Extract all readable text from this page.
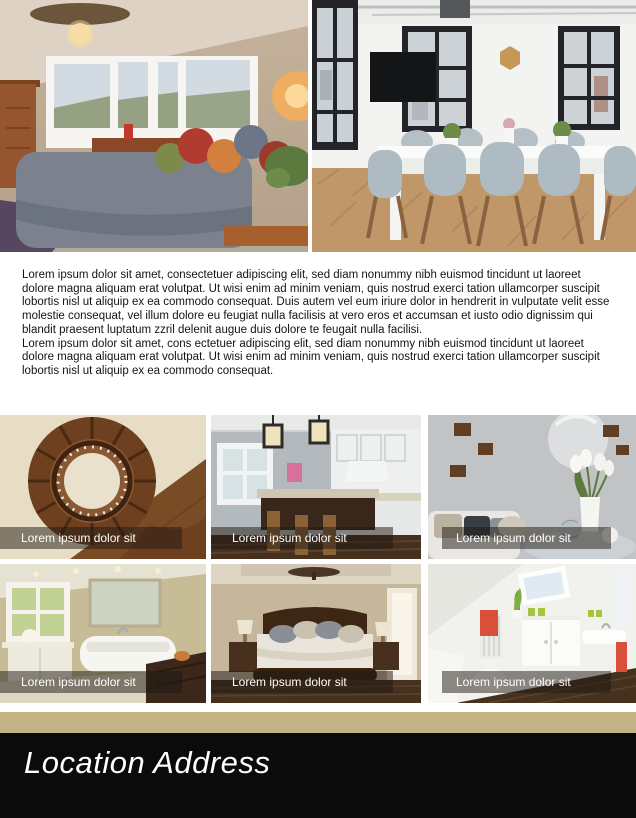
Lorem ipsum dolor sit amet, consectetuer adipiscing elit, sed diam nonummy nibh euismod tincidunt ut laoreet dolore magna aliquam erat volutpat. Ut wisi enim ad minim veniam, quis nostrud exerci tation ullamcorper suscipit lobortis nisl ut aliquip ex ea commodo consequat. Duis autem vel eum iriure dolor in hendrerit in vulputate velit esse molestie consequat, vel illum dolore eu feugiat nulla facilisis at vero eros et accumsan et iusto odio dignissim qui blandit praesent luptatum zzril delenit augue duis dolore te feugait nulla facilisi.

Lorem ipsum dolor sit amet, cons ectetuer adipiscing elit, sed diam nonummy nibh euismod tincidunt ut laoreet dolore magna aliquam erat volutpat. Ut wisi enim ad minim veniam, quis nostrud exerci tation ullamcorper suscipit lobortis nisl ut aliquip ex ea commodo consequat.

Lorem ipsum dolor sit	Lorem ipsum dolor sit	Lorem ipsum dolor sit
Lorem ipsum dolor sit	Lorem ipsum dolor sit	Lorem ipsum dolor sit
Location Address
